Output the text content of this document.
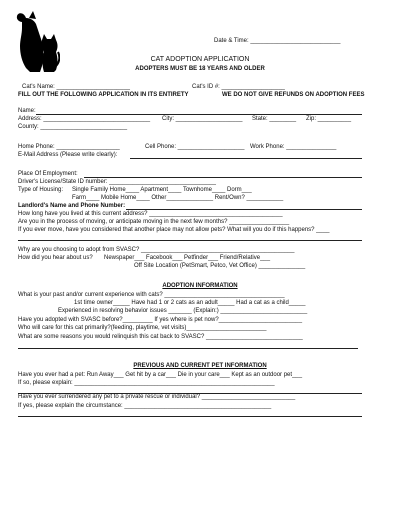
Date & Time: ___________________________
CAT ADOPTION APPLICATION
ADOPTERS MUST BE 18 YEARS AND OLDER
Cat's Name: ______________________	Cat's ID #: ___________________
FILL OUT THE FOLLOWING APPLICATION IN ITS ENTIRETY	WE DO NOT GIVE REFUNDS ON ADOPTION FEES
Name:
Address: ________________________________ City: ____________________ State: ________ Zip: __________
County: __________________________
Home Phone: ___________________	Cell Phone: ____________________ Work Phone: _______________
E-Mail Address (Please write clearly):
Place Of Employment:
Driver's License/State ID number: ________________________________
Type of Housing: Single Family Home____ Apartment____ Townhome____ Dorm___
Farm____ Mobile Home____ Other______________ Rent/Own? ___________
Landlord's Name and Phone Number:
How long have you lived at this current address? ________________________________________
Are you in the process of moving, or anticipate moving in the next few months? __________________
If you ever move, have you considered that another place may not allow pets? What will you do if this happens? ____
Why are you choosing to adopt from SVASC? ______________________________________________
How did you hear about us? Newspaper___ Facebook___ Petfinder___ Friend/Relative___
Off Site Location (PetSmart, Petco, Vet Office) ______________
ADOPTION INFORMATION
What is your past and/or current experience with cats? ____________________________________
1st time owner_____ Have had 1 or 2 cats as an adult_____ Had a cat as a child_____
Experienced in resolving behavior issues _______ (Explain:) __________________________
Have you adopted with SVASC before?_________ If yes where is pet now?_________________________
Who will care for this cat primarily?(feeding, playtime, vet visits)________________________
What are some reasons you would relinquish this cat back to SVASC? _____________________________
PREVIOUS AND CURRENT PET INFORMATION
Have you ever had a pet: Run Away___ Get hit by a car___ Die in your care___ Kept as an outdoor pet___
If so, please explain: ____________________________________________________________
Have you ever surrendered any pet to a private rescue or individual? ____________________________
If yes, please explain the circumstance: ____________________________________________
